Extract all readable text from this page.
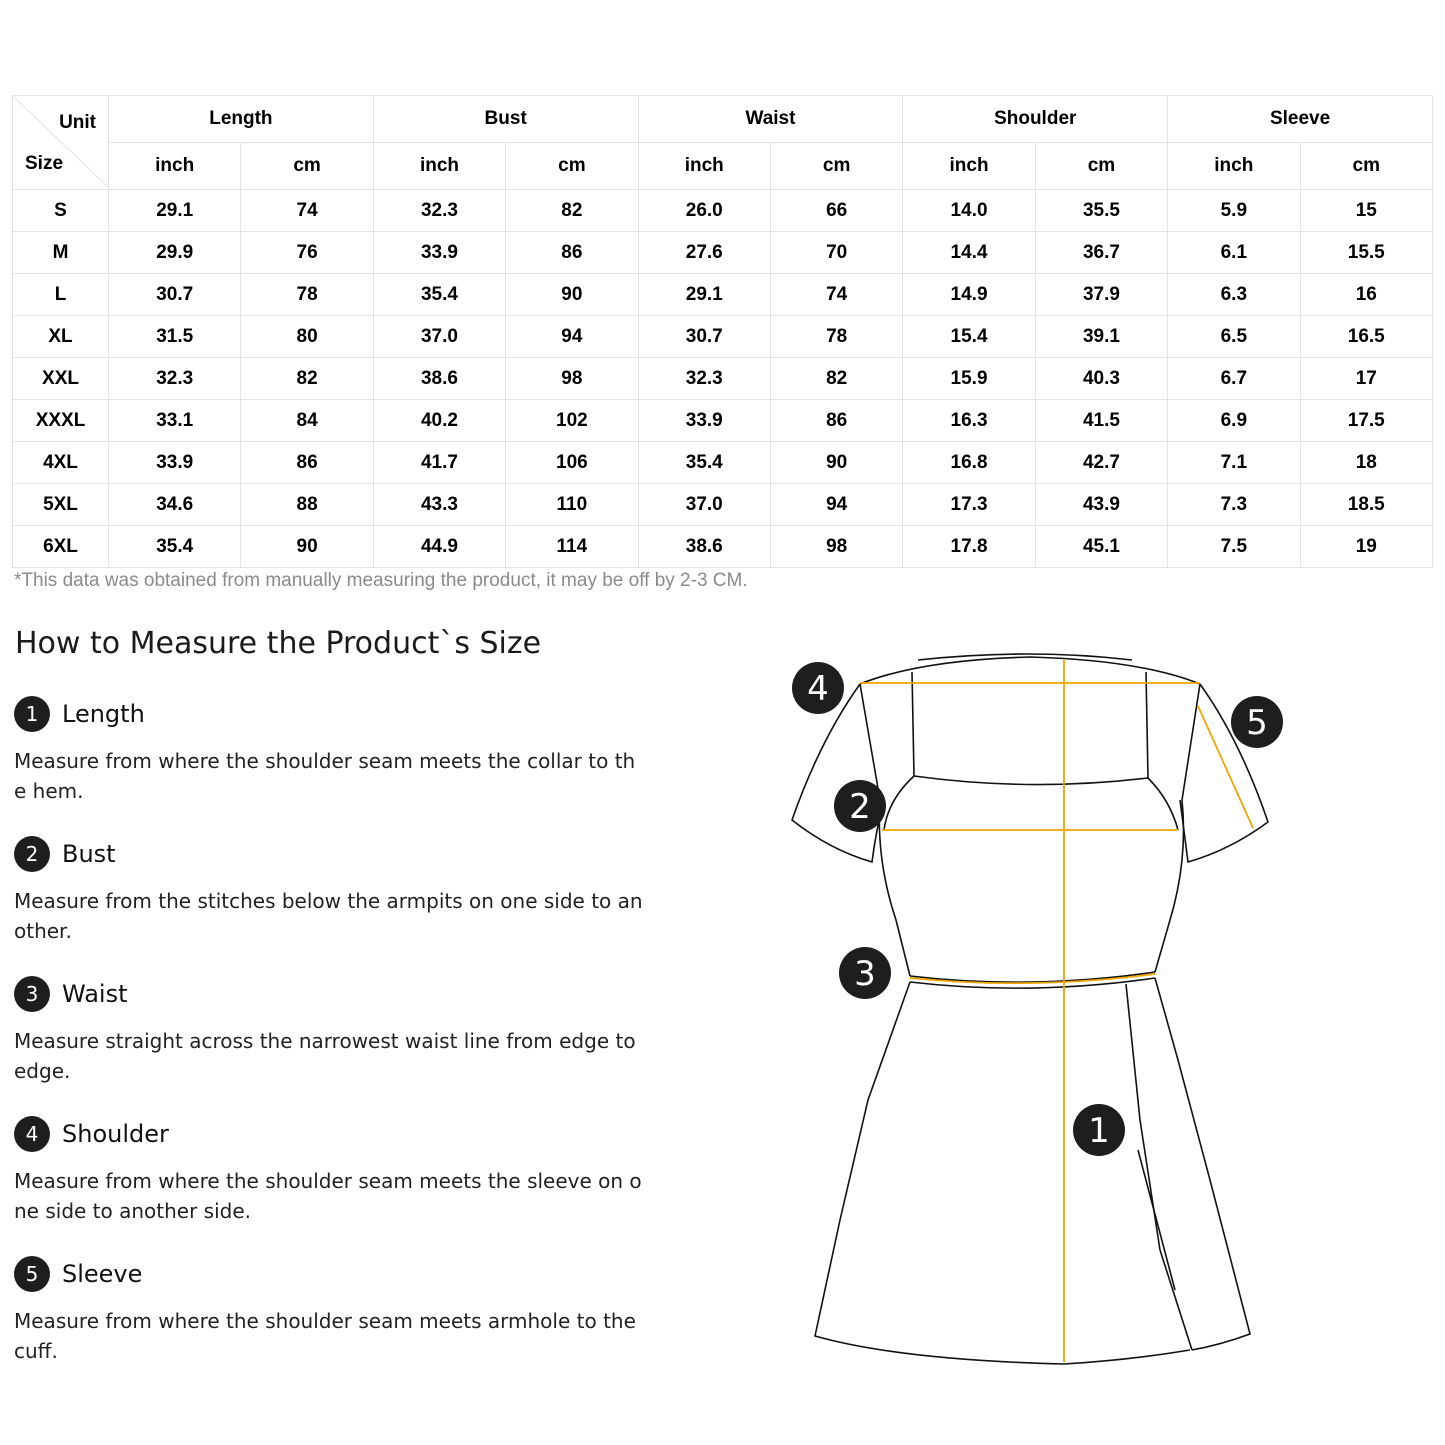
Unit
Size	Length		Bust		Waist		Shoulder		Sleeve	
	inch	cm	inch	cm	inch	cm	inch	cm	inch	cm
S	29.1	74	32.3	82	26.0	66	14.0	35.5	5.9	15
M	29.9	76	33.9	86	27.6	70	14.4	36.7	6.1	15.5
L	30.7	78	35.4	90	29.1	74	14.9	37.9	6.3	16
XL	31.5	80	37.0	94	30.7	78	15.4	39.1	6.5	16.5
XXL	32.3	82	38.6	98	32.3	82	15.9	40.3	6.7	17
XXXL	33.1	84	40.2	102	33.9	86	16.3	41.5	6.9	17.5
4XL	33.9	86	41.7	106	35.4	90	16.8	42.7	7.1	18
5XL	34.6	88	43.3	110	37.0	94	17.3	43.9	7.3	18.5
6XL	35.4	90	44.9	114	38.6	98	17.8	45.1	7.5	19

*This data was obtained from manually measuring the product, it may be off by 2-3 CM.

How to Measure the Product`s Size
1 Length

Measure from where the shoulder seam meets the collar to the hem.

2 Bust

Measure from the stitches below the armpits on one side to another.

3 Waist

Measure straight across the narrowest waist line from edge to edge.

4 Shoulder

Measure from where the shoulder seam meets the sleeve on one side to another side.

5 Sleeve

Measure from where the shoulder seam meets armhole to the cuff.

4
5
2
3
1
